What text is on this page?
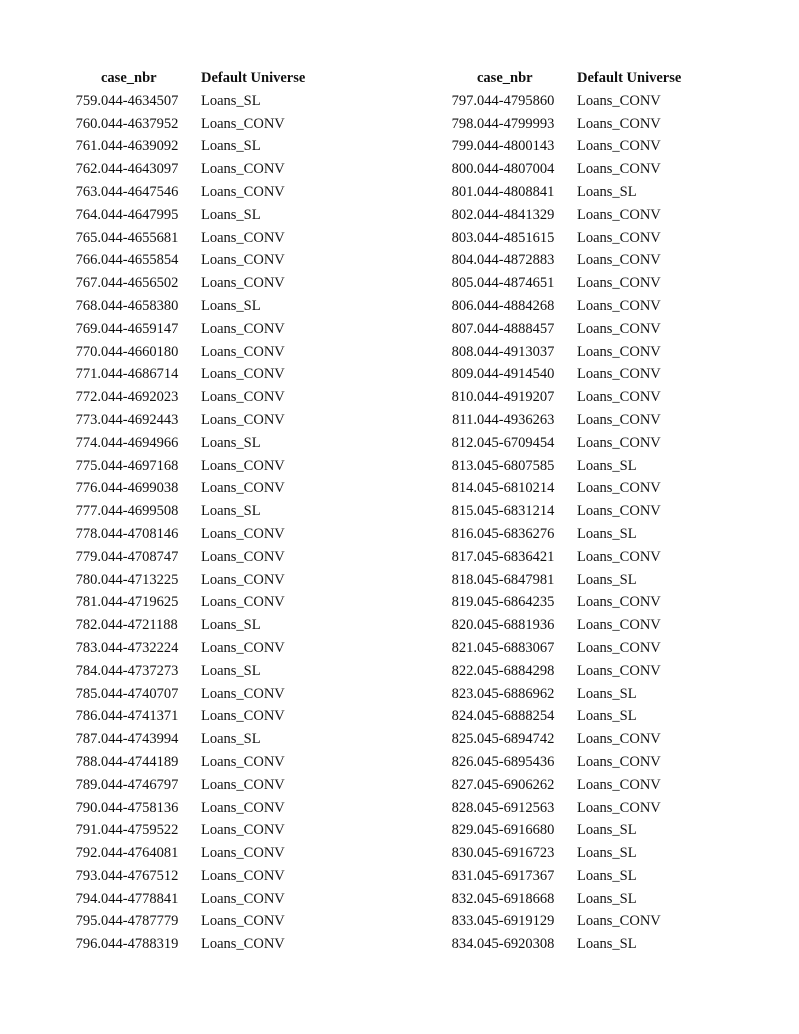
	case_nbr	Default Universe
759.	044-4634507	Loans_SL
760.	044-4637952	Loans_CONV
761.	044-4639092	Loans_SL
762.	044-4643097	Loans_CONV
763.	044-4647546	Loans_CONV
764.	044-4647995	Loans_SL
765.	044-4655681	Loans_CONV
766.	044-4655854	Loans_CONV
767.	044-4656502	Loans_CONV
768.	044-4658380	Loans_SL
769.	044-4659147	Loans_CONV
770.	044-4660180	Loans_CONV
771.	044-4686714	Loans_CONV
772.	044-4692023	Loans_CONV
773.	044-4692443	Loans_CONV
774.	044-4694966	Loans_SL
775.	044-4697168	Loans_CONV
776.	044-4699038	Loans_CONV
777.	044-4699508	Loans_SL
778.	044-4708146	Loans_CONV
779.	044-4708747	Loans_CONV
780.	044-4713225	Loans_CONV
781.	044-4719625	Loans_CONV
782.	044-4721188	Loans_SL
783.	044-4732224	Loans_CONV
784.	044-4737273	Loans_SL
785.	044-4740707	Loans_CONV
786.	044-4741371	Loans_CONV
787.	044-4743994	Loans_SL
788.	044-4744189	Loans_CONV
789.	044-4746797	Loans_CONV
790.	044-4758136	Loans_CONV
791.	044-4759522	Loans_CONV
792.	044-4764081	Loans_CONV
793.	044-4767512	Loans_CONV
794.	044-4778841	Loans_CONV
795.	044-4787779	Loans_CONV
796.	044-4788319	Loans_CONV
	case_nbr	Default Universe
797.	044-4795860	Loans_CONV
798.	044-4799993	Loans_CONV
799.	044-4800143	Loans_CONV
800.	044-4807004	Loans_CONV
801.	044-4808841	Loans_SL
802.	044-4841329	Loans_CONV
803.	044-4851615	Loans_CONV
804.	044-4872883	Loans_CONV
805.	044-4874651	Loans_CONV
806.	044-4884268	Loans_CONV
807.	044-4888457	Loans_CONV
808.	044-4913037	Loans_CONV
809.	044-4914540	Loans_CONV
810.	044-4919207	Loans_CONV
811.	044-4936263	Loans_CONV
812.	045-6709454	Loans_CONV
813.	045-6807585	Loans_SL
814.	045-6810214	Loans_CONV
815.	045-6831214	Loans_CONV
816.	045-6836276	Loans_SL
817.	045-6836421	Loans_CONV
818.	045-6847981	Loans_SL
819.	045-6864235	Loans_CONV
820.	045-6881936	Loans_CONV
821.	045-6883067	Loans_CONV
822.	045-6884298	Loans_CONV
823.	045-6886962	Loans_SL
824.	045-6888254	Loans_SL
825.	045-6894742	Loans_CONV
826.	045-6895436	Loans_CONV
827.	045-6906262	Loans_CONV
828.	045-6912563	Loans_CONV
829.	045-6916680	Loans_SL
830.	045-6916723	Loans_SL
831.	045-6917367	Loans_SL
832.	045-6918668	Loans_SL
833.	045-6919129	Loans_CONV
834.	045-6920308	Loans_SL
